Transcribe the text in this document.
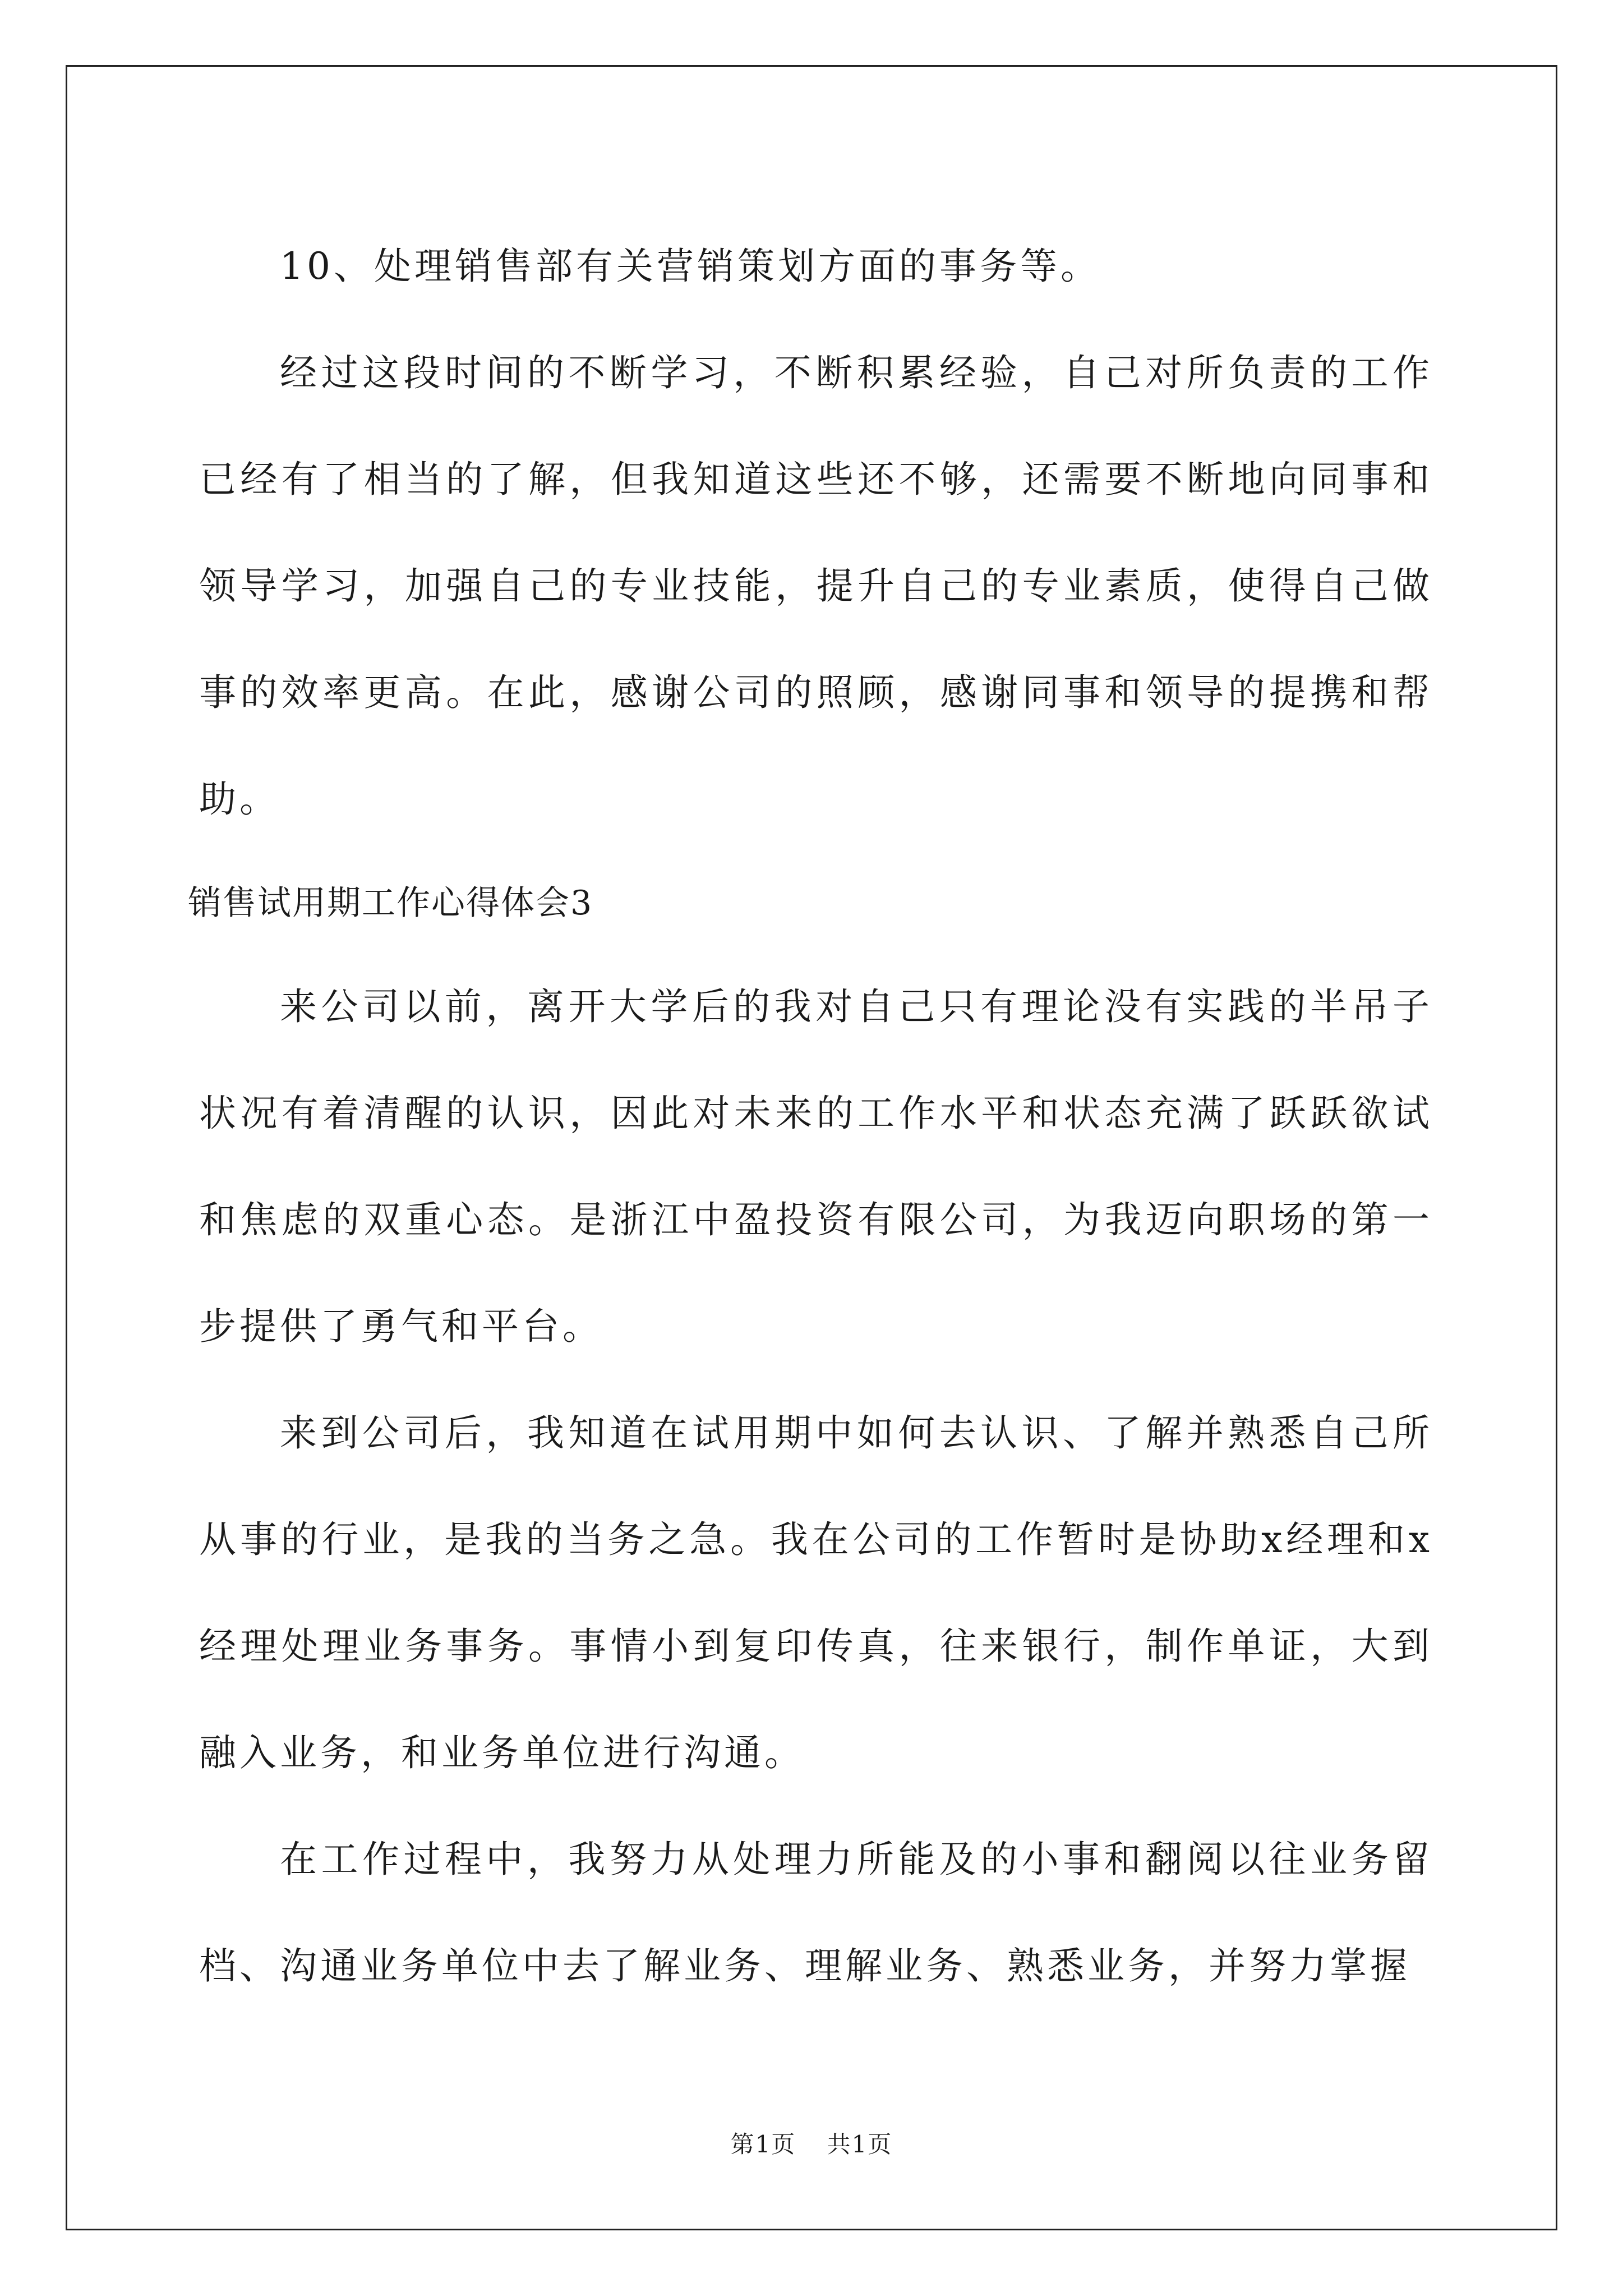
10、处理销售部有关营销策划方面的事务等。

经过这段时间的不断学习，不断积累经验，自己对所负责的工作已经有了相当的了解，但我知道这些还不够，还需要不断地向同事和领导学习，加强自己的专业技能，提升自己的专业素质，使得自己做事的效率更高。在此，感谢公司的照顾，感谢同事和领导的提携和帮助。

销售试用期工作心得体会3

来公司以前，离开大学后的我对自己只有理论没有实践的半吊子状况有着清醒的认识，因此对未来的工作水平和状态充满了跃跃欲试和焦虑的双重心态。是浙江中盈投资有限公司，为我迈向职场的第一步提供了勇气和平台。

来到公司后，我知道在试用期中如何去认识、了解并熟悉自己所从事的行业，是我的当务之急。我在公司的工作暂时是协助x经理和x经理处理业务事务。事情小到复印传真，往来银行，制作单证，大到融入业务，和业务单位进行沟通。

在工作过程中，我努力从处理力所能及的小事和翻阅以往业务留档、沟通业务单位中去了解业务、理解业务、熟悉业务，并努力掌握

第1页 共1页
